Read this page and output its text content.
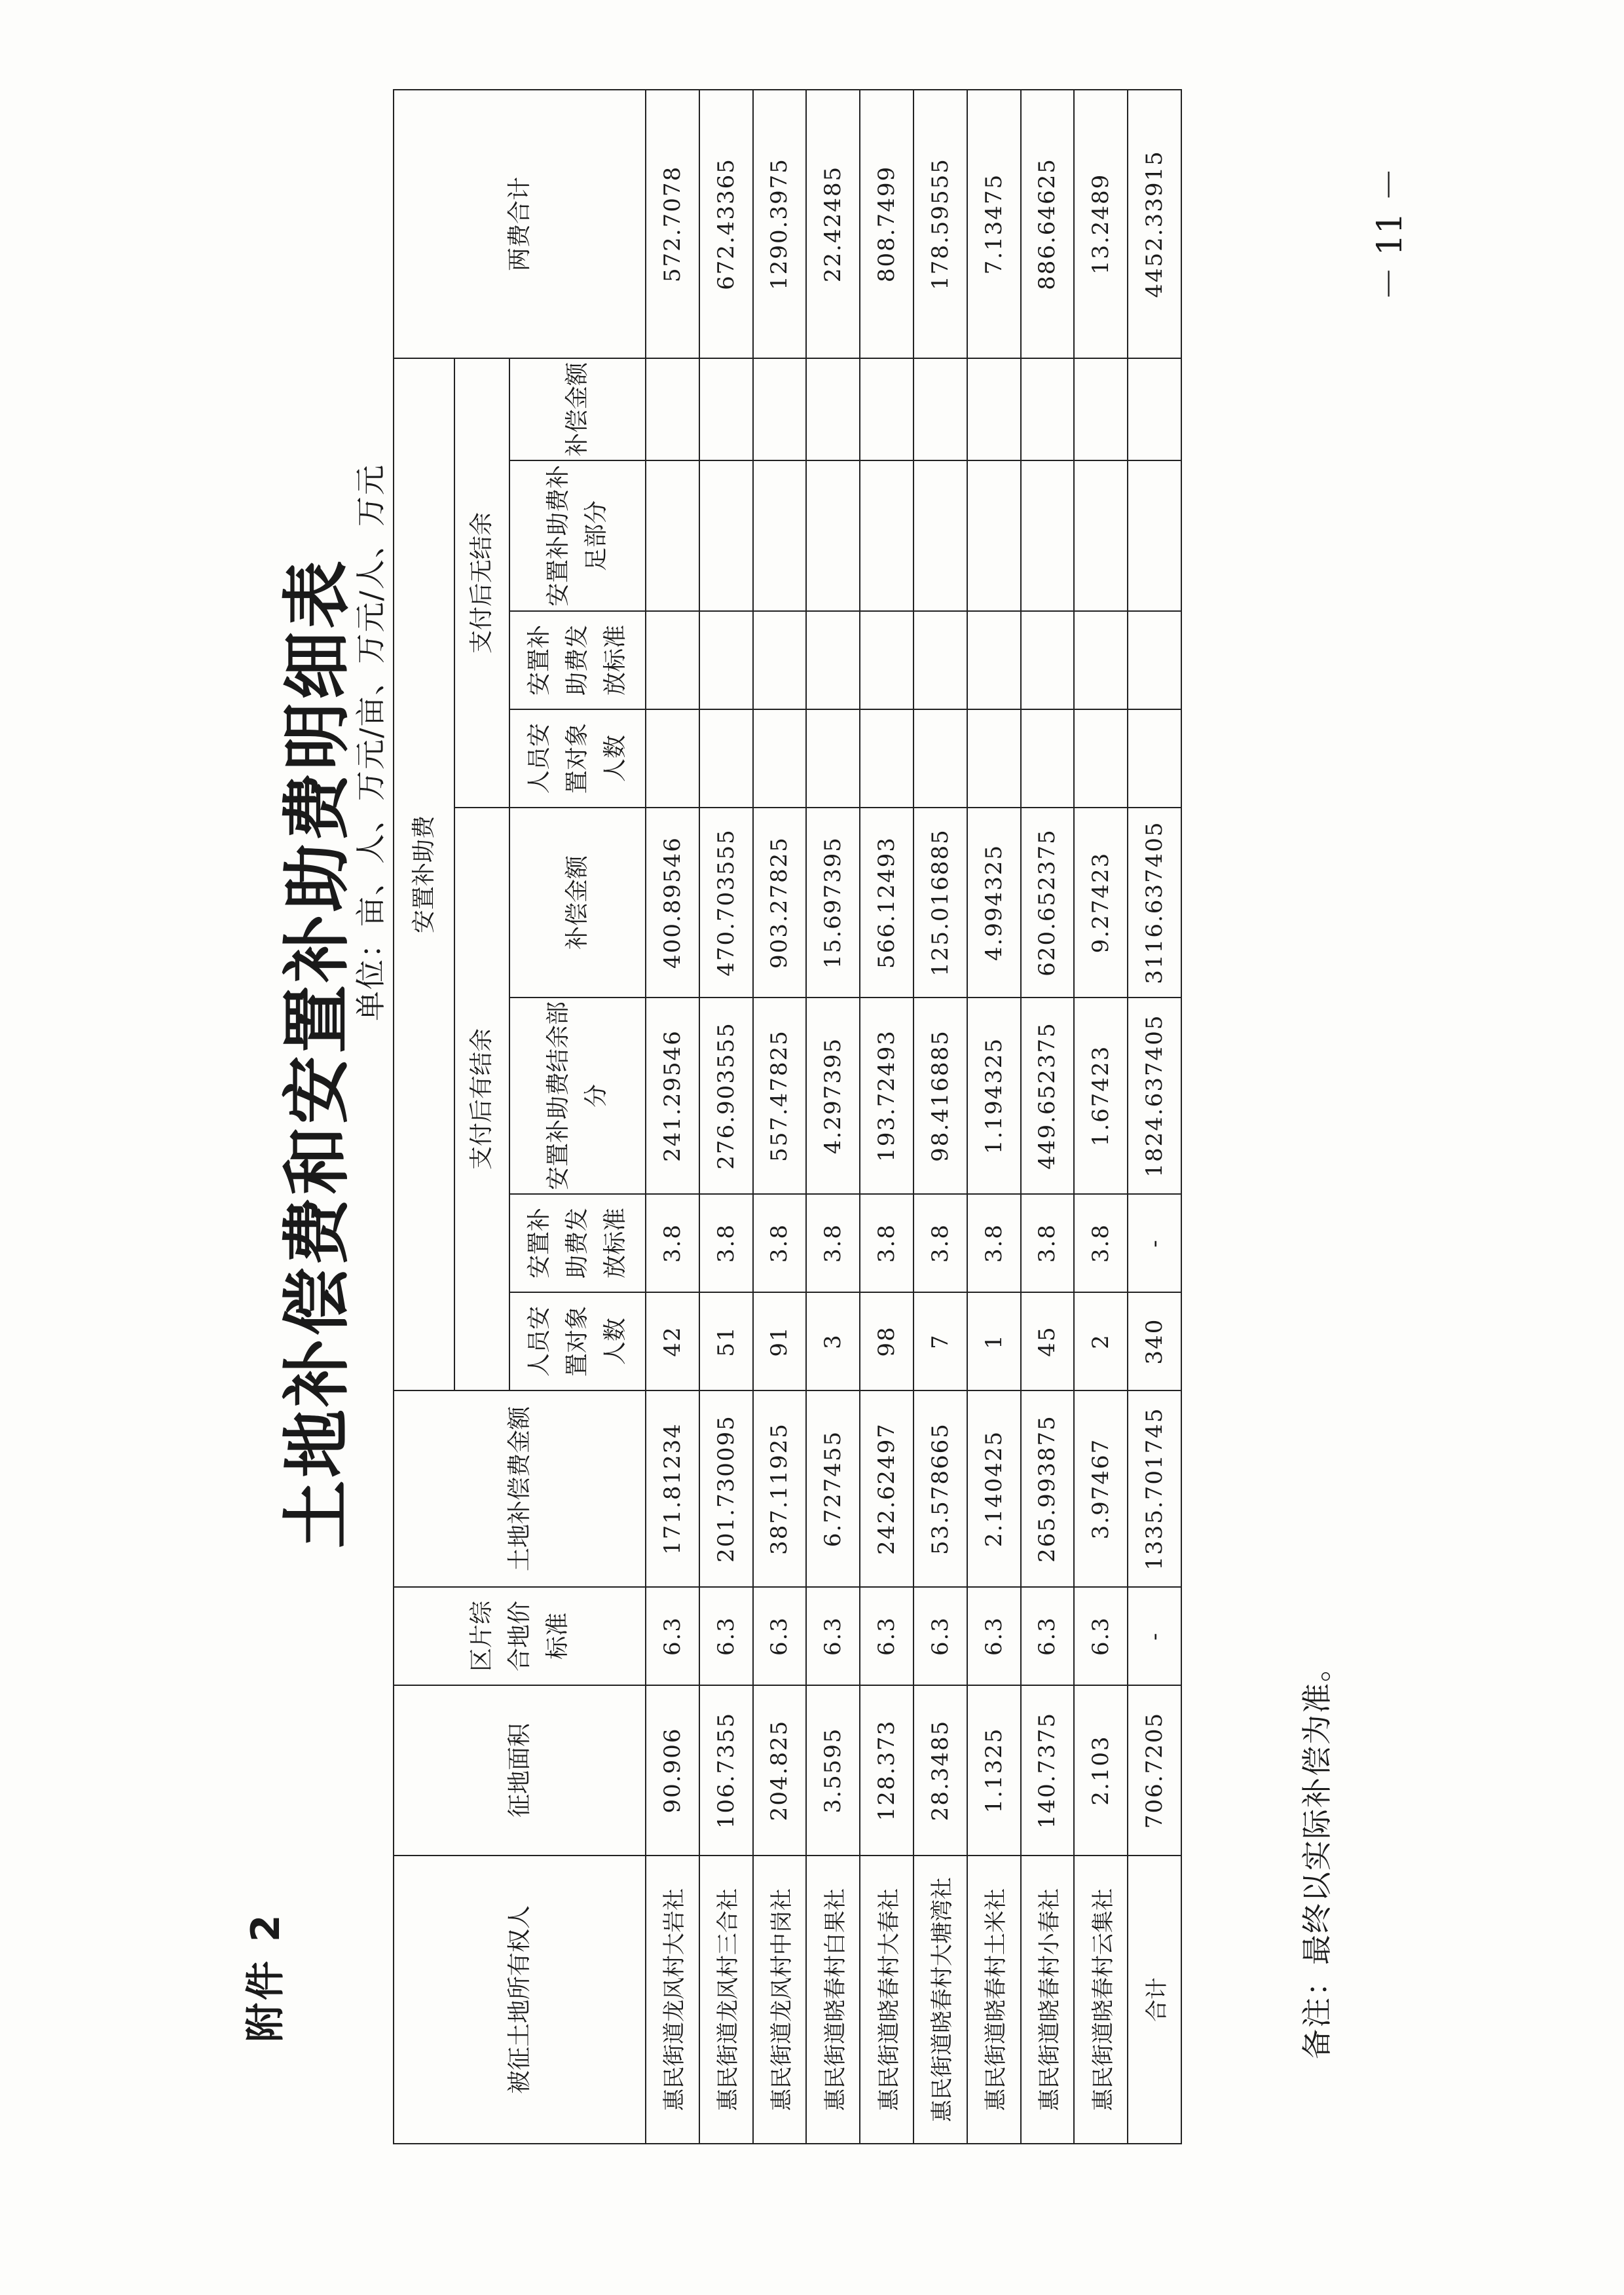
附件 2
土地补偿费和安置补助费明细表
单位：亩、人、万元/亩、万元/人、万元
被征土地所有权人	征地面积	区片综合地价标准	土地补偿费金额	安置补助费								两费合计
				支付后有结余				支付后无结余				
				人员安置对象人数	安置补助费发放标准	安置补助费结余部分	补偿金额	人员安置对象人数	安置补助费发放标准	安置补助费补足部分	补偿金额	
惠民街道龙风村大岩社	90.906	6.3	171.81234	42	3.8	241.29546	400.89546					572.7078
惠民街道龙风村三合社	106.7355	6.3	201.730095	51	3.8	276.903555	470.703555					672.43365
惠民街道龙风村中岗社	204.825	6.3	387.11925	91	3.8	557.47825	903.27825					1290.3975
惠民街道晓春村白果社	3.5595	6.3	6.727455	3	3.8	4.297395	15.697395					22.42485
惠民街道晓春村大春社	128.373	6.3	242.62497	98	3.8	193.72493	566.12493					808.7499
惠民街道晓春村大塘湾社	28.3485	6.3	53.578665	7	3.8	98.416885	125.016885					178.59555
惠民街道晓春村土米社	1.1325	6.3	2.140425	1	3.8	1.194325	4.994325					7.13475
惠民街道晓春村小春社	140.7375	6.3	265.993875	45	3.8	449.652375	620.652375					886.64625
惠民街道晓春村云集社	2.103	6.3	3.97467	2	3.8	1.67423	9.27423					13.2489
合计	706.7205	-	1335.701745	340	-	1824.637405	3116.637405					4452.33915
备注：最终以实际补偿为准。
－ 11 －
